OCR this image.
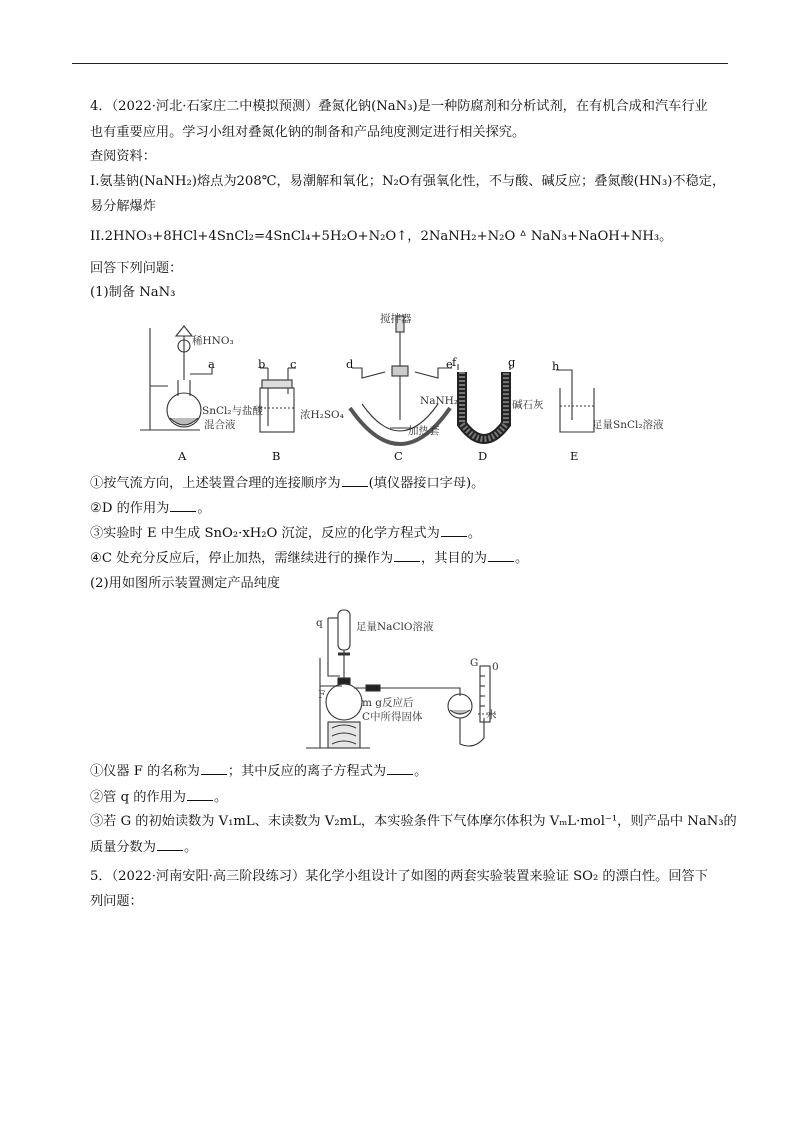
4．（2022·河北·石家庄二中模拟预测）叠氮化钠(NaN₃)是一种防腐剂和分析试剂，在有机合成和汽车行业
也有重要应用。学习小组对叠氮化钠的制备和产品纯度测定进行相关探究。
查阅资料：
I.氨基钠(NaNH₂)熔点为208℃，易潮解和氧化；N₂O有强氧化性，不与酸、碱反应；叠氮酸(HN₃)不稳定，
易分解爆炸
II.2HNO₃+8HCl+4SnCl₂=4SnCl₄+5H₂O+N₂O↑，2NaNH₂+N₂O ᐞ NaN₃+NaOH+NH₃。
回答下列问题：
(1)制备 NaN₃
稀HNO₃
SnCl₂与盐酸
混合液
浓H₂SO₄
搅拌器
NaNH₂
加热套
碱石灰
足量SnCl₂溶液
a	b c	d	e f	g	h
A	B	C	D	E
①按气流方向，上述装置合理的连接顺序为 (填仪器接口字母)。
②D 的作用为 。
③实验时 E 中生成 SnO₂·xH₂O 沉淀，反应的化学方程式为 。
④C 处充分反应后，停止加热，需继续进行的操作为 ，其目的为 。
(2)用如图所示装置测定产品纯度
q	足量NaClO溶液
G 0
F
m g反应后
C中所得固体	水
①仪器 F 的名称为 ；其中反应的离子方程式为 。
②管 q 的作用为 。
③若 G 的初始读数为 V₁mL、末读数为 V₂mL，本实验条件下气体摩尔体积为 VₘL·mol⁻¹，则产品中 NaN₃的
质量分数为 。
5．（2022·河南安阳·高三阶段练习）某化学小组设计了如图的两套实验装置来验证 SO₂ 的漂白性。回答下
列问题：
